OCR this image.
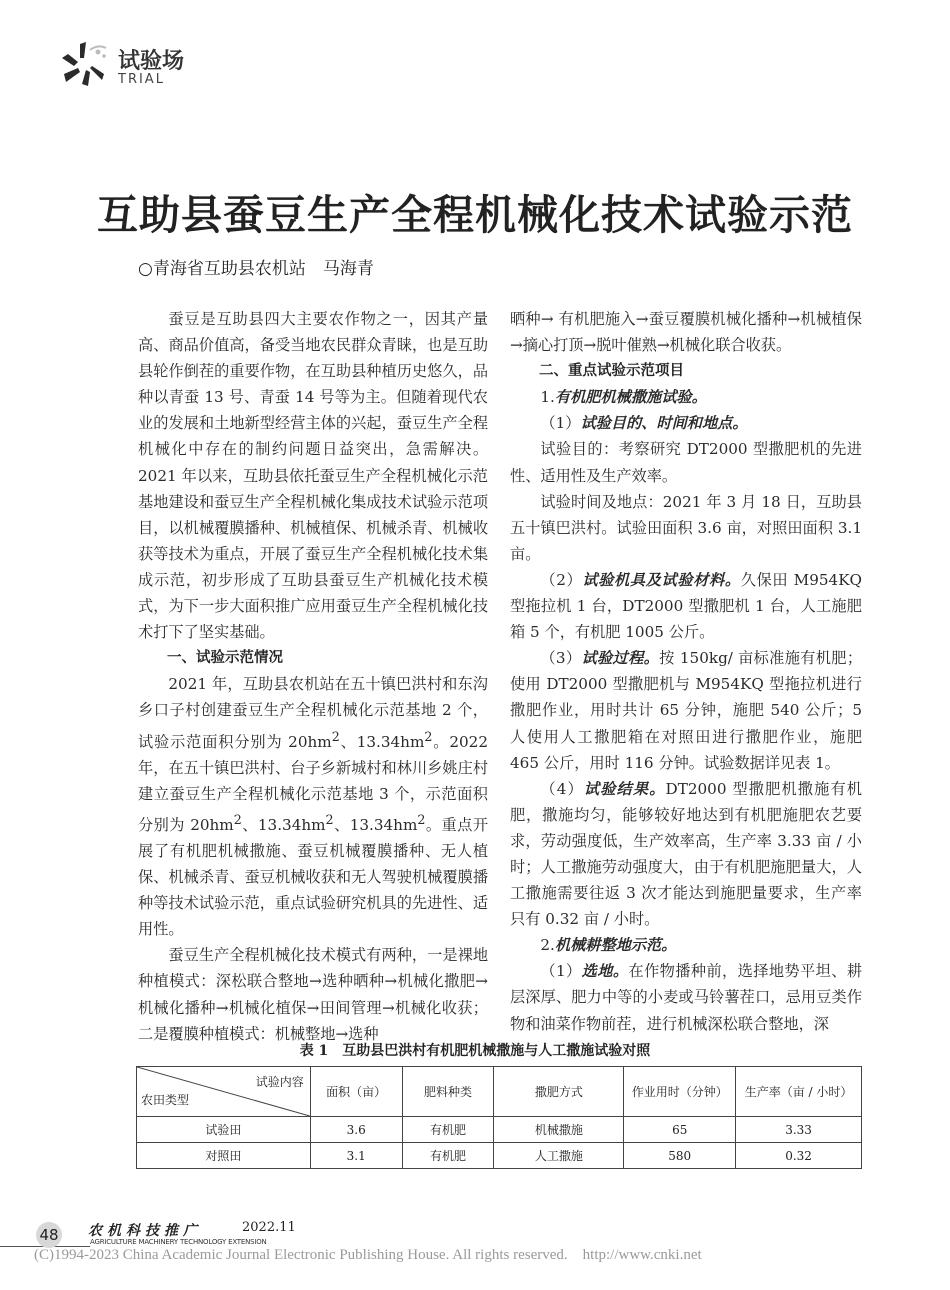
试验场
TRIAL
互助县蚕豆生产全程机械化技术试验示范
○青海省互助县农机站　马海青

蚕豆是互助县四大主要农作物之一，因其产量高、商品价值高，备受当地农民群众青睐，也是互助县轮作倒茬的重要作物，在互助县种植历史悠久，品种以青蚕 13 号、青蚕 14 号等为主。但随着现代农业的发展和土地新型经营主体的兴起，蚕豆生产全程机械化中存在的制约问题日益突出，急需解决。2021 年以来，互助县依托蚕豆生产全程机械化示范基地建设和蚕豆生产全程机械化集成技术试验示范项目，以机械覆膜播种、机械植保、机械杀青、机械收获等技术为重点，开展了蚕豆生产全程机械化技术集成示范，初步形成了互助县蚕豆生产机械化技术模式，为下一步大面积推广应用蚕豆生产全程机械化技术打下了坚实基础。

一、试验示范情况

2021 年，互助县农机站在五十镇巴洪村和东沟乡口子村创建蚕豆生产全程机械化示范基地 2 个，试验示范面积分别为 $20hm^2$、$13.34hm^2$。2022 年，在五十镇巴洪村、台子乡新城村和林川乡姚庄村建立蚕豆生产全程机械化示范基地 3 个，示范面积分别为 $20hm^2$、$13.34hm^2$、$13.34hm^2$。重点开展了有机肥机械撒施、蚕豆机械覆膜播种、无人植保、机械杀青、蚕豆机械收获和无人驾驶机械覆膜播种等技术试验示范，重点试验研究机具的先进性、适用性。

蚕豆生产全程机械化技术模式有两种，一是裸地种植模式：深松联合整地→选种晒种→机械化撒肥→机械化播种→机械化植保→田间管理→机械化收获；二是覆膜种植模式：机械整地→选种

晒种→ 有机肥施入→蚕豆覆膜机械化播种→机械植保→摘心打顶→脱叶催熟→机械化联合收获。

二、重点试验示范项目

1.有机肥机械撒施试验。

（1）试验目的、时间和地点。

试验目的：考察研究 DT2000 型撒肥机的先进性、适用性及生产效率。

试验时间及地点：2021 年 3 月 18 日，互助县五十镇巴洪村。试验田面积 3.6 亩，对照田面积 3.1 亩。

（2）试验机具及试验材料。久保田 M954KQ 型拖拉机 1 台，DT2000 型撒肥机 1 台，人工施肥箱 5 个，有机肥 1005 公斤。

（3）试验过程。按 150kg/ 亩标准施有机肥；使用 DT2000 型撒肥机与 M954KQ 型拖拉机进行撒肥作业，用时共计 65 分钟，施肥 540 公斤；5 人使用人工撒肥箱在对照田进行撒肥作业，施肥 465 公斤，用时 116 分钟。试验数据详见表 1。

（4）试验结果。DT2000 型撒肥机撒施有机肥，撒施均匀，能够较好地达到有机肥施肥农艺要求，劳动强度低，生产效率高，生产率 3.33 亩 / 小时；人工撒施劳动强度大，由于有机肥施肥量大，人工撒施需要往返 3 次才能达到施肥量要求，生产率只有 0.32 亩 / 小时。

2.机械耕整地示范。

（1）选地。在作物播种前，选择地势平坦、耕层深厚、肥力中等的小麦或马铃薯茬口，忌用豆类作物和油菜作物前茬，进行机械深松联合整地，深

表 1　互助县巴洪村有机肥机械撒施与人工撒施试验对照
试验内容
农田类型	面积（亩）	肥料种类	撒肥方式	作业用时（分钟）	生产率（亩 / 小时）
试验田	3.6	有机肥	机械撒施	65	3.33
对照田	3.1	有机肥	人工撒施	580	0.32
48 农机科技推广	2022.11
AGRICULTURE MACHINERY TECHNOLOGY EXTENSION
(C)1994-2023 China Academic Journal Electronic Publishing House. All rights reserved.　http://www.cnki.net
